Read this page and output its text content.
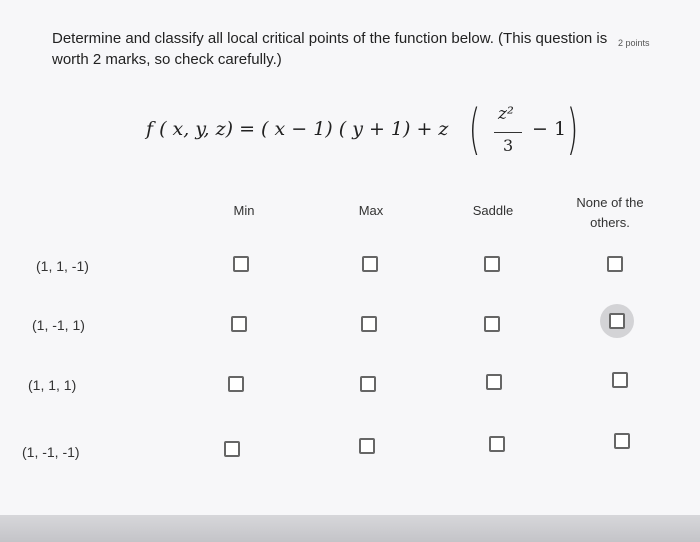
Determine and classify all local critical points of the function below. (This question is worth 2 marks, so check carefully.)
2 points
f ( x, y, z) = ( x − 1) ( y + 1) + z ( z²
3
− 1 )
Min	Max	Saddle
None of the others.
(1, 1, -1)
(1, -1, 1)
(1, 1, 1)
(1, -1, -1)
